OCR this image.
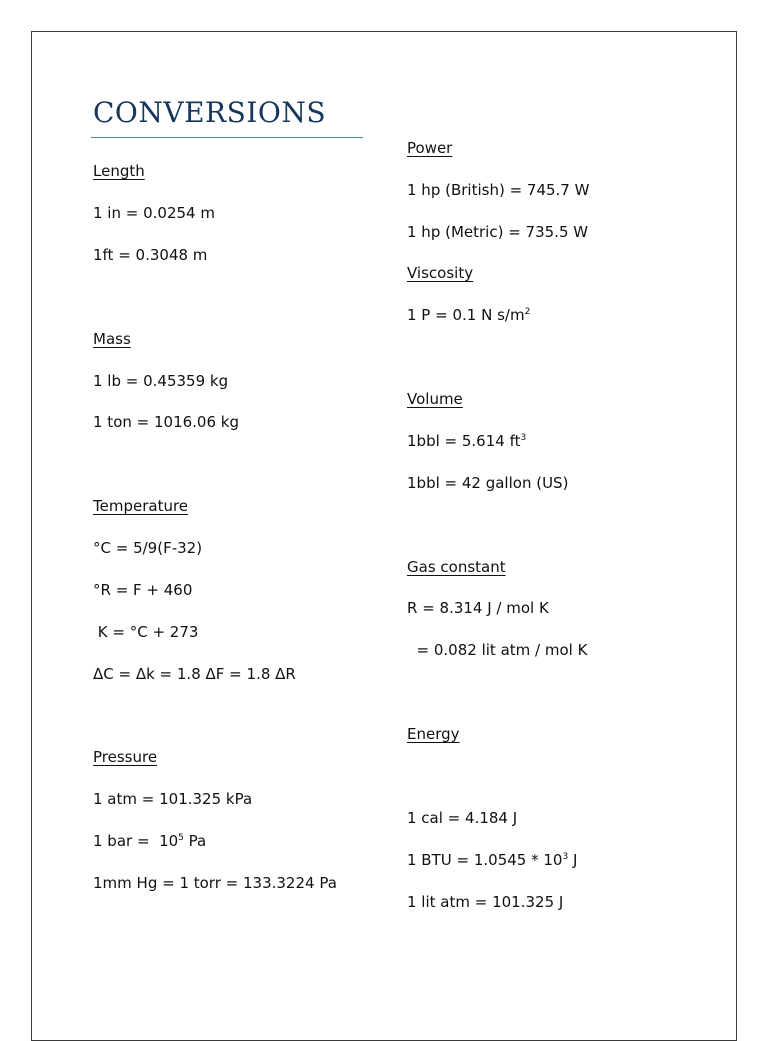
CONVERSIONS
Length
1 in = 0.0254 m
1ft = 0.3048 m
Mass
1 lb = 0.45359 kg
1 ton = 1016.06 kg
Temperature
°C = 5/9(F-32)
°R = F + 460
K = °C + 273
ΔC = Δk = 1.8 ΔF = 1.8 ΔR
Pressure
1 atm = 101.325 kPa
1 bar =  $10^5$ Pa
1mm Hg = 1 torr = 133.3224 Pa
Power
1 hp (British) = 745.7 W
1 hp (Metric) = 735.5 W
Viscosity
1 P = 0.1 N $s/m^2$
Volume
1bbl = 5.614 $ft^3$
1bbl = 42 gallon (US)
Gas constant
R = 8.314 J / mol K
= 0.082 lit atm / mol K
Energy
1 cal = 4.184 J
1 BTU = $1.0545 * 10^3$ J
1 lit atm = 101.325 J
